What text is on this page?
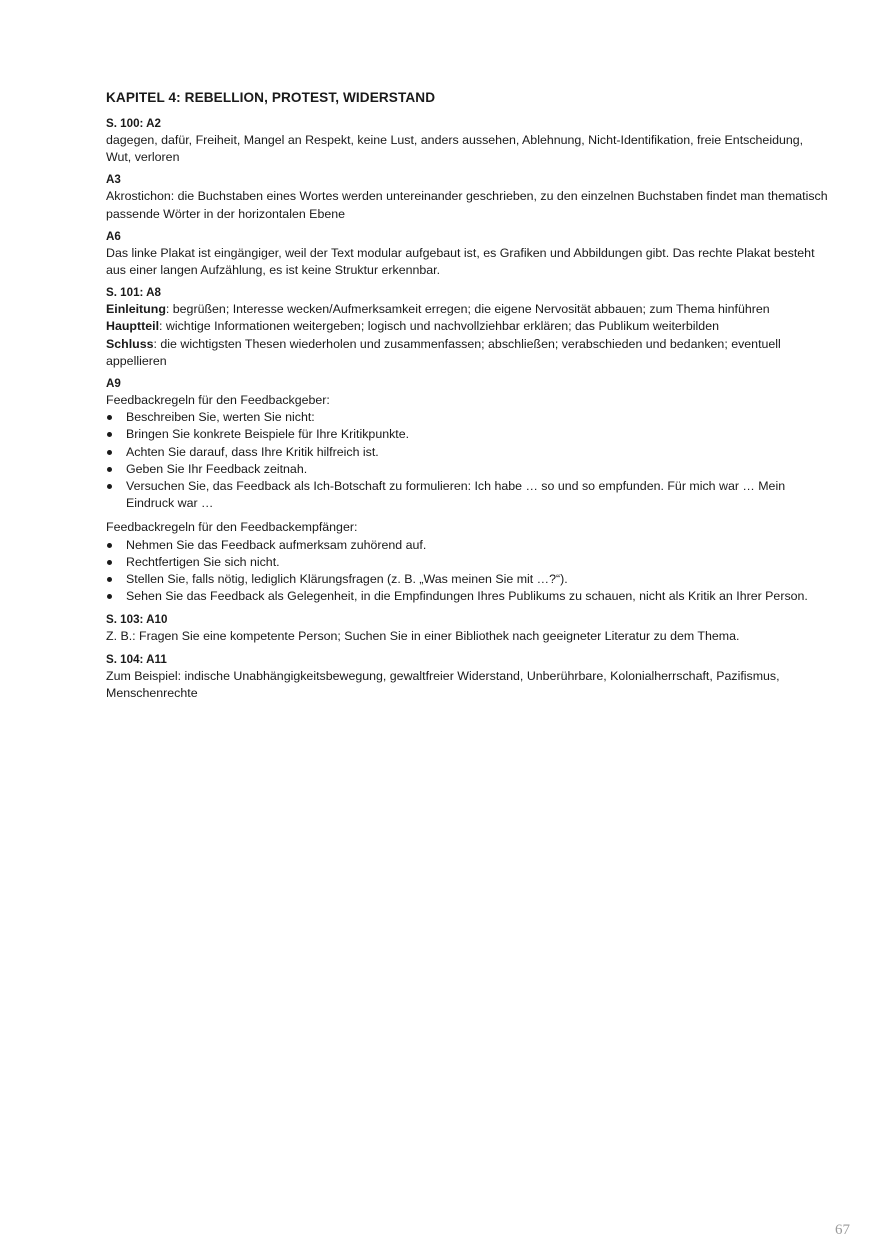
KAPITEL 4: REBELLION, PROTEST, WIDERSTAND

S. 100: A2

dagegen, dafür, Freiheit, Mangel an Respekt, keine Lust, anders aussehen, Ablehnung, Nicht-Identifikation, freie Entscheidung, Wut, verloren

A3

Akrostichon: die Buchstaben eines Wortes werden untereinander geschrieben, zu den einzelnen Buchstaben findet man thematisch passende Wörter in der horizontalen Ebene

A6

Das linke Plakat ist eingängiger, weil der Text modular aufgebaut ist, es Grafiken und Abbildungen gibt. Das rechte Plakat besteht aus einer langen Aufzählung, es ist keine Struktur erkennbar.

S. 101: A8

Einleitung: begrüßen; Interesse wecken/Aufmerksamkeit erregen; die eigene Nervosität abbauen; zum Thema hinführen Hauptteil: wichtige Informationen weitergeben; logisch und nachvollziehbar erklären; das Publikum weiterbilden

Schluss: die wichtigsten Thesen wiederholen und zusammenfassen; abschließen; verabschieden und bedanken; eventuell appellieren

A9

Feedbackregeln für den Feedbackgeber:

Beschreiben Sie, werten Sie nicht:
Bringen Sie konkrete Beispiele für Ihre Kritikpunkte.
Achten Sie darauf, dass Ihre Kritik hilfreich ist.
Geben Sie Ihr Feedback zeitnah.
Versuchen Sie, das Feedback als Ich-Botschaft zu formulieren: Ich habe … so und so empfunden. Für mich war … Mein Eindruck war …

Feedbackregeln für den Feedbackempfänger:

Nehmen Sie das Feedback aufmerksam zuhörend auf.
Rechtfertigen Sie sich nicht.
Stellen Sie, falls nötig, lediglich Klärungsfragen (z. B. „Was meinen Sie mit …?“).
Sehen Sie das Feedback als Gelegenheit, in die Empfindungen Ihres Publikums zu schauen, nicht als Kritik an Ihrer Person.

S. 103: A10

Z. B.: Fragen Sie eine kompetente Person; Suchen Sie in einer Bibliothek nach geeigneter Literatur zu dem Thema.

S. 104: A11

Zum Beispiel: indische Unabhängigkeitsbewegung, gewaltfreier Widerstand, Unberührbare, Kolonialherrschaft, Pazifismus, Menschenrechte

67
